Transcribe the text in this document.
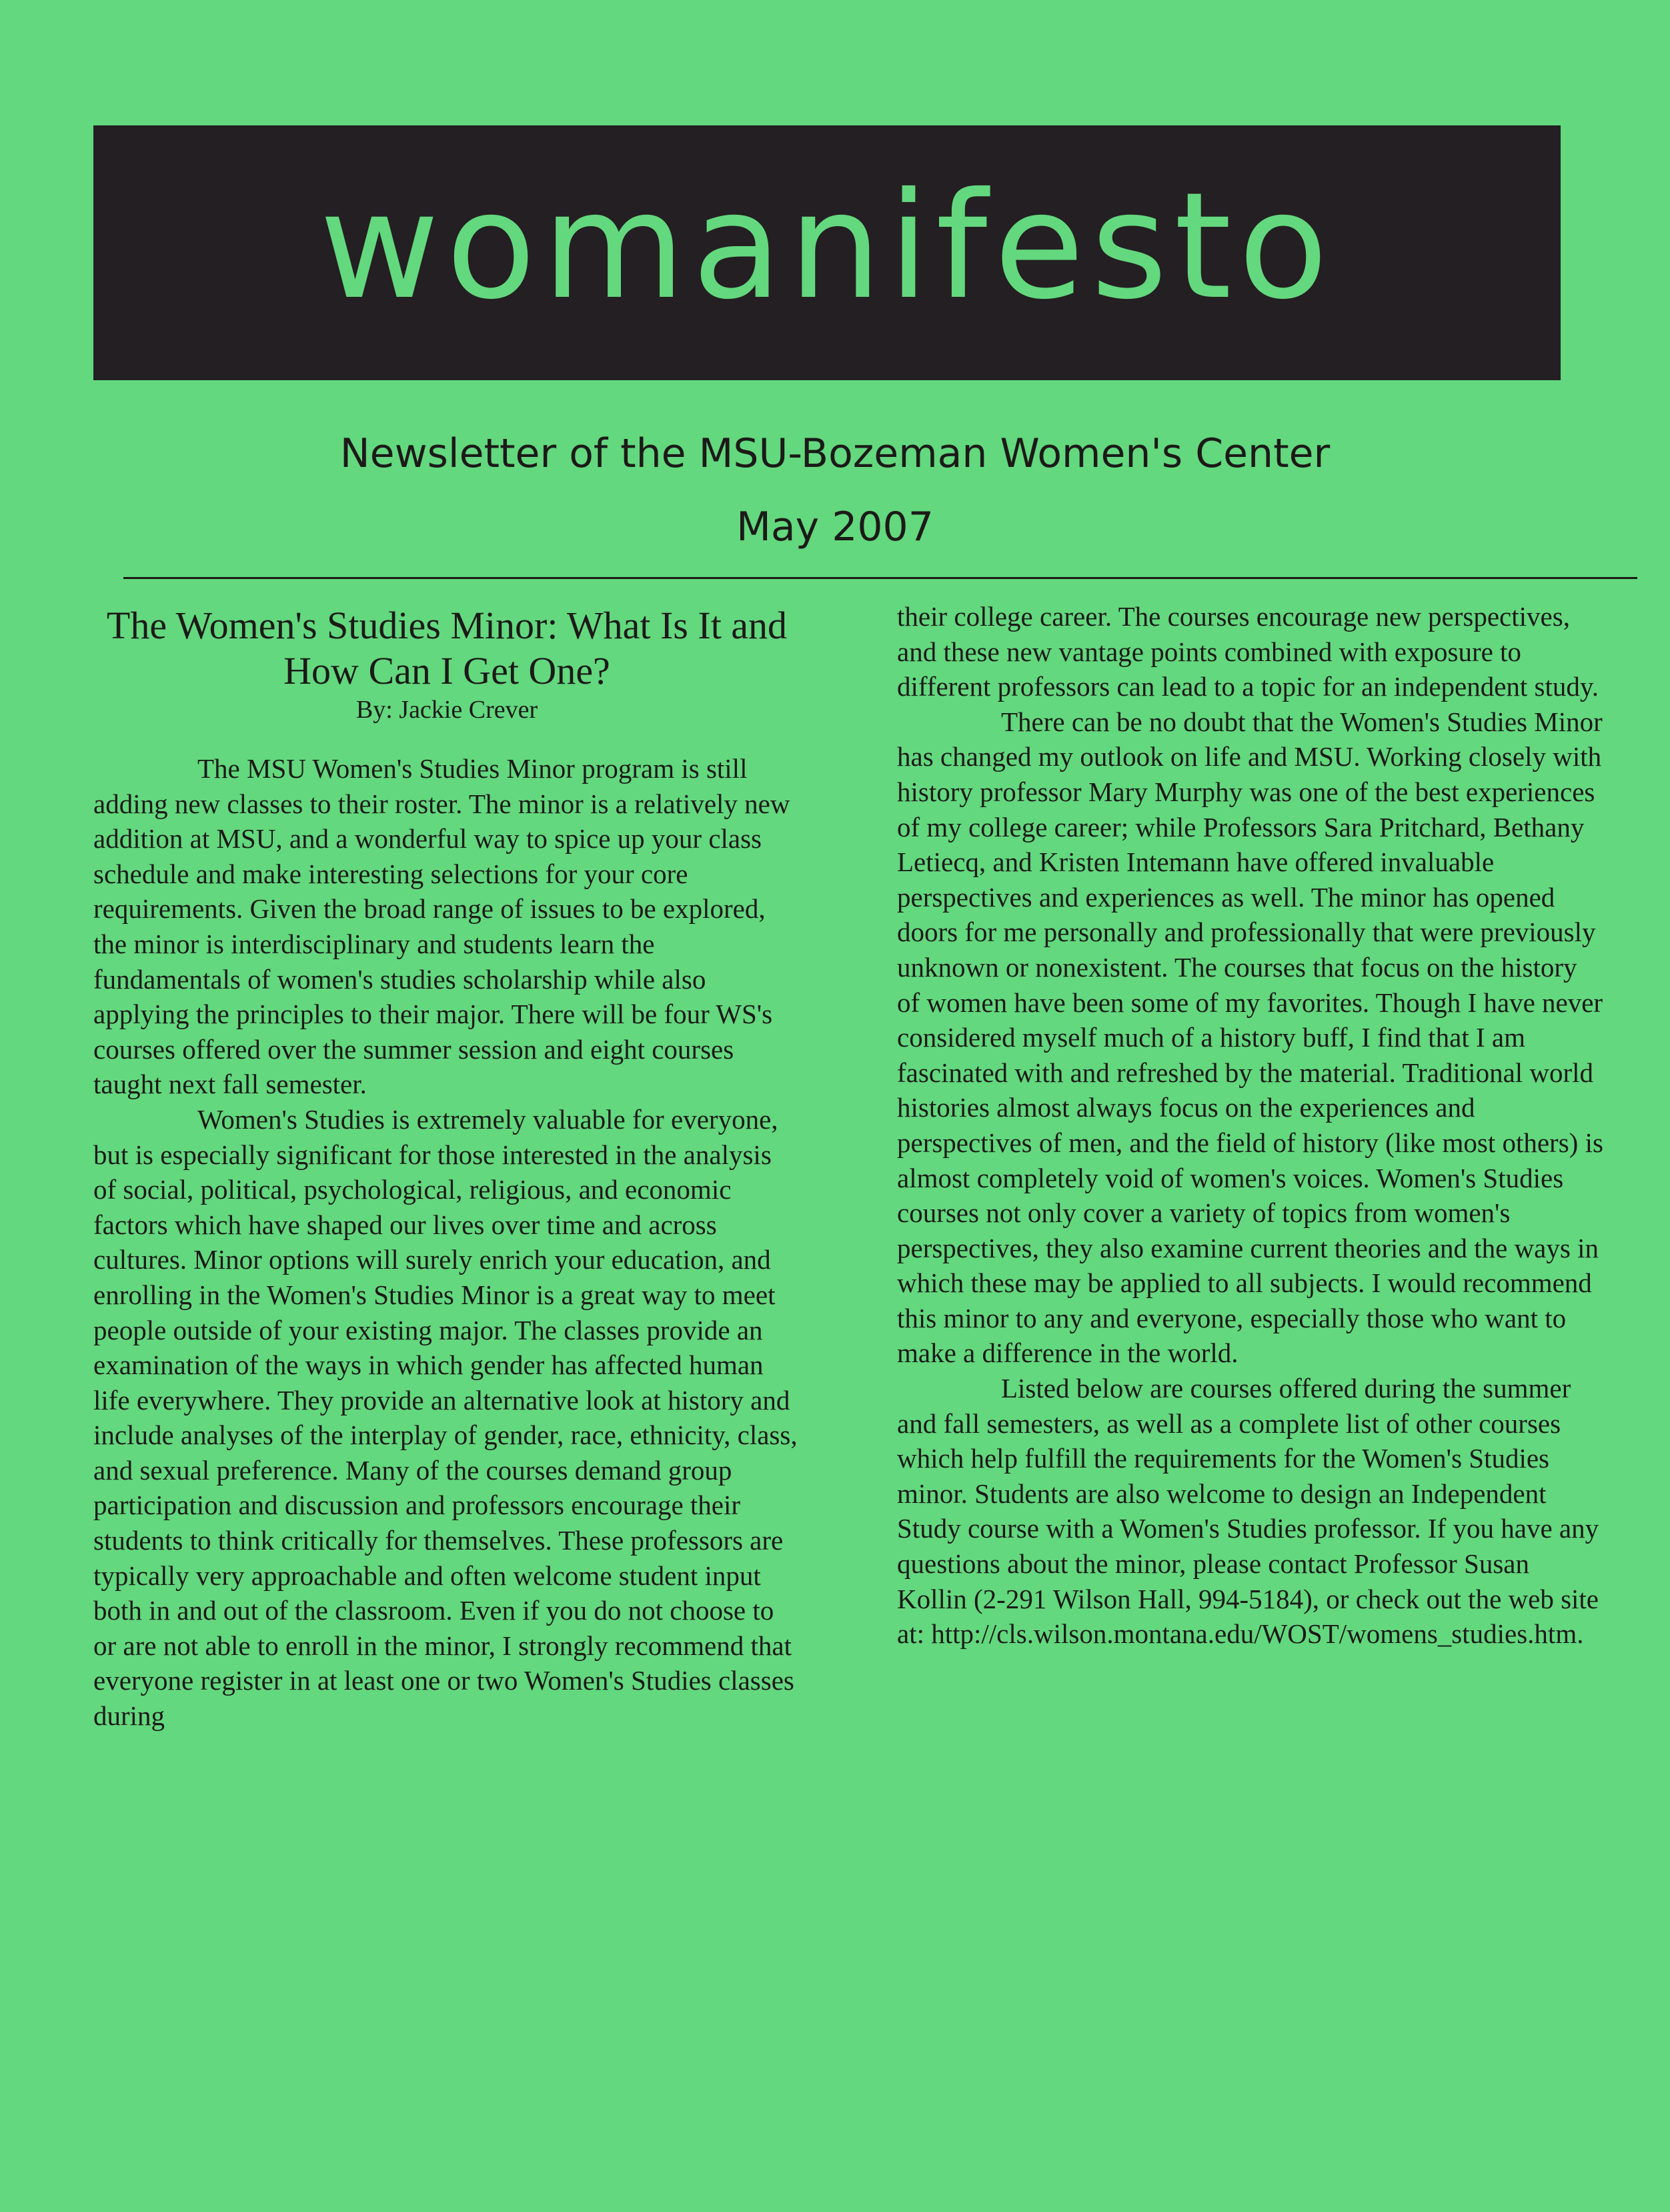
womanifesto
Newsletter of the MSU-Bozeman Women's Center
May 2007
The Women's Studies Minor: What Is It and How Can I Get One?
By: Jackie Crever

The MSU Women's Studies Minor program is still adding new classes to their roster. The minor is a relatively new addition at MSU, and a wonderful way to spice up your class schedule and make interesting selections for your core requirements. Given the broad range of issues to be explored, the minor is interdisciplinary and students learn the fundamentals of women's studies scholarship while also applying the principles to their major. There will be four WS's courses offered over the summer session and eight courses taught next fall semester.

Women's Studies is extremely valuable for everyone, but is especially significant for those interested in the analysis of social, political, psychological, religious, and economic factors which have shaped our lives over time and across cultures. Minor options will surely enrich your education, and enrolling in the Women's Studies Minor is a great way to meet people outside of your existing major. The classes provide an examination of the ways in which gender has affected human life everywhere. They provide an alternative look at history and include analyses of the interplay of gender, race, ethnicity, class, and sexual preference. Many of the courses demand group participation and discussion and professors encourage their students to think critically for themselves. These professors are typically very approachable and often welcome student input both in and out of the classroom. Even if you do not choose to or are not able to enroll in the minor, I strongly recommend that everyone register in at least one or two Women's Studies classes during

their college career. The courses encourage new perspectives, and these new vantage points combined with exposure to different professors can lead to a topic for an independent study.

There can be no doubt that the Women's Studies Minor has changed my outlook on life and MSU. Working closely with history professor Mary Murphy was one of the best experiences of my college career; while Professors Sara Pritchard, Bethany Letiecq, and Kristen Intemann have offered invaluable perspectives and experiences as well. The minor has opened doors for me personally and professionally that were previously unknown or nonexistent. The courses that focus on the history of women have been some of my favorites. Though I have never considered myself much of a history buff, I find that I am fascinated with and refreshed by the material. Traditional world histories almost always focus on the experiences and perspectives of men, and the field of history (like most others) is almost completely void of women's voices. Women's Studies courses not only cover a variety of topics from women's perspectives, they also examine current theories and the ways in which these may be applied to all subjects. I would recommend this minor to any and everyone, especially those who want to make a difference in the world.

Listed below are courses offered during the summer and fall semesters, as well as a complete list of other courses which help fulfill the requirements for the Women's Studies minor. Students are also welcome to design an Independent Study course with a Women's Studies professor. If you have any questions about the minor, please contact Professor Susan Kollin (2-291 Wilson Hall, 994-5184), or check out the web site at: http://cls.wilson.montana.edu/WOST/womens_studies.htm.
